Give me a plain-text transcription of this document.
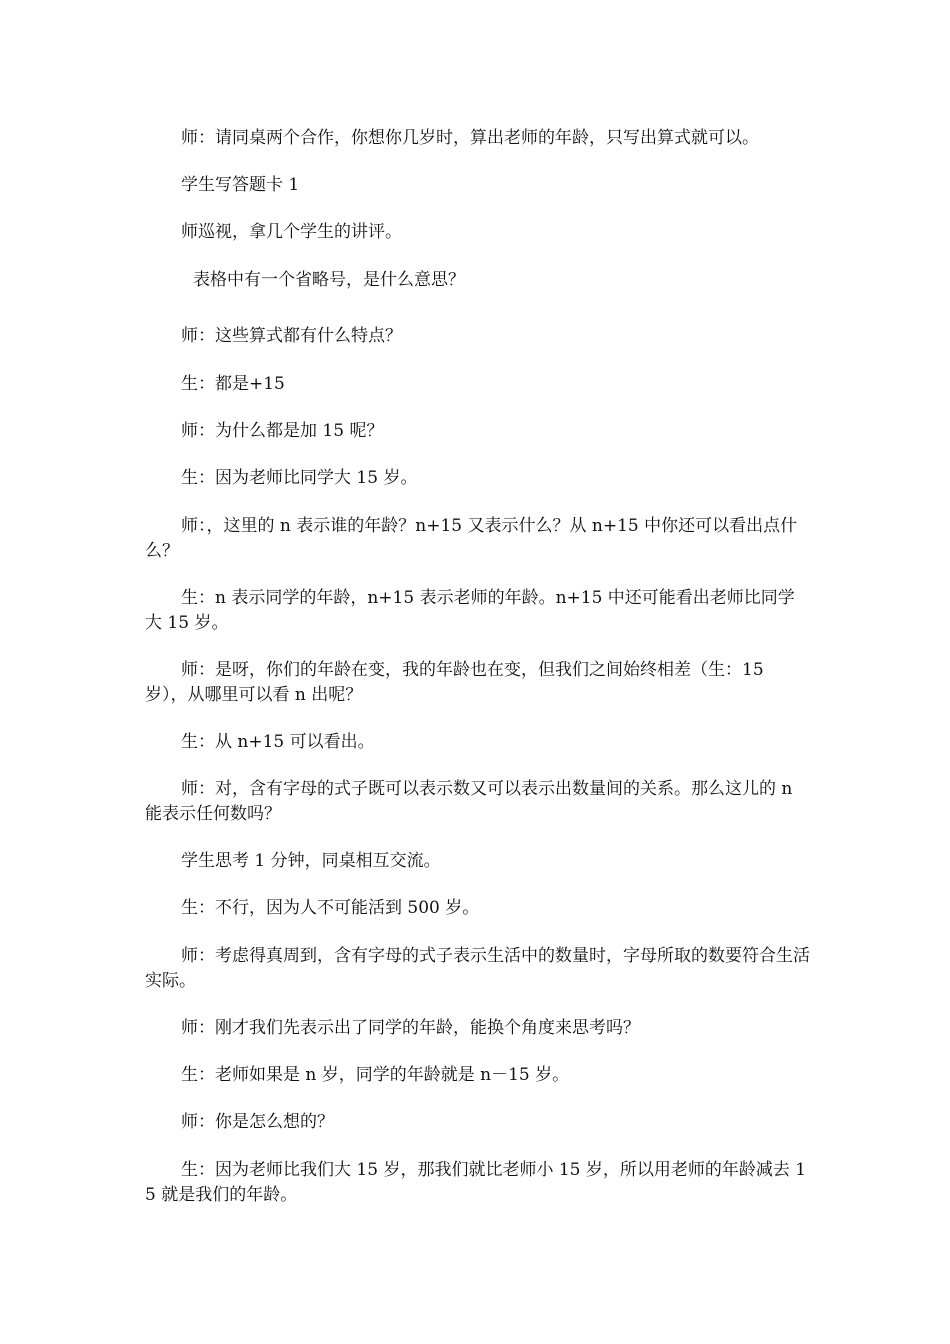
师：请同桌两个合作，你想你几岁时，算出老师的年龄，只写出算式就可以。

学生写答题卡 1

师巡视，拿几个学生的讲评。

表格中有一个省略号，是什么意思？

师：这些算式都有什么特点？

生：都是+15

师：为什么都是加 15 呢？

生：因为老师比同学大 15 岁。

师：，这里的 n 表示谁的年龄？n+15 又表示什么？从 n+15 中你还可以看出点什么？

生：n 表示同学的年龄，n+15 表示老师的年龄。n+15 中还可能看出老师比同学大 15 岁。

师：是呀，你们的年龄在变，我的年龄也在变，但我们之间始终相差（生：15 岁），从哪里可以看 n 出呢？

生：从 n+15 可以看出。

师：对，含有字母的式子既可以表示数又可以表示出数量间的关系。那么这儿的 n 能表示任何数吗？

学生思考 1 分钟，同桌相互交流。

生：不行，因为人不可能活到 500 岁。

师：考虑得真周到，含有字母的式子表示生活中的数量时，字母所取的数要符合生活实际。

师：刚才我们先表示出了同学的年龄，能换个角度来思考吗？

生：老师如果是 n 岁，同学的年龄就是 n－15 岁。

师：你是怎么想的？

生：因为老师比我们大 15 岁，那我们就比老师小 15 岁，所以用老师的年龄减去 15 就是我们的年龄。
